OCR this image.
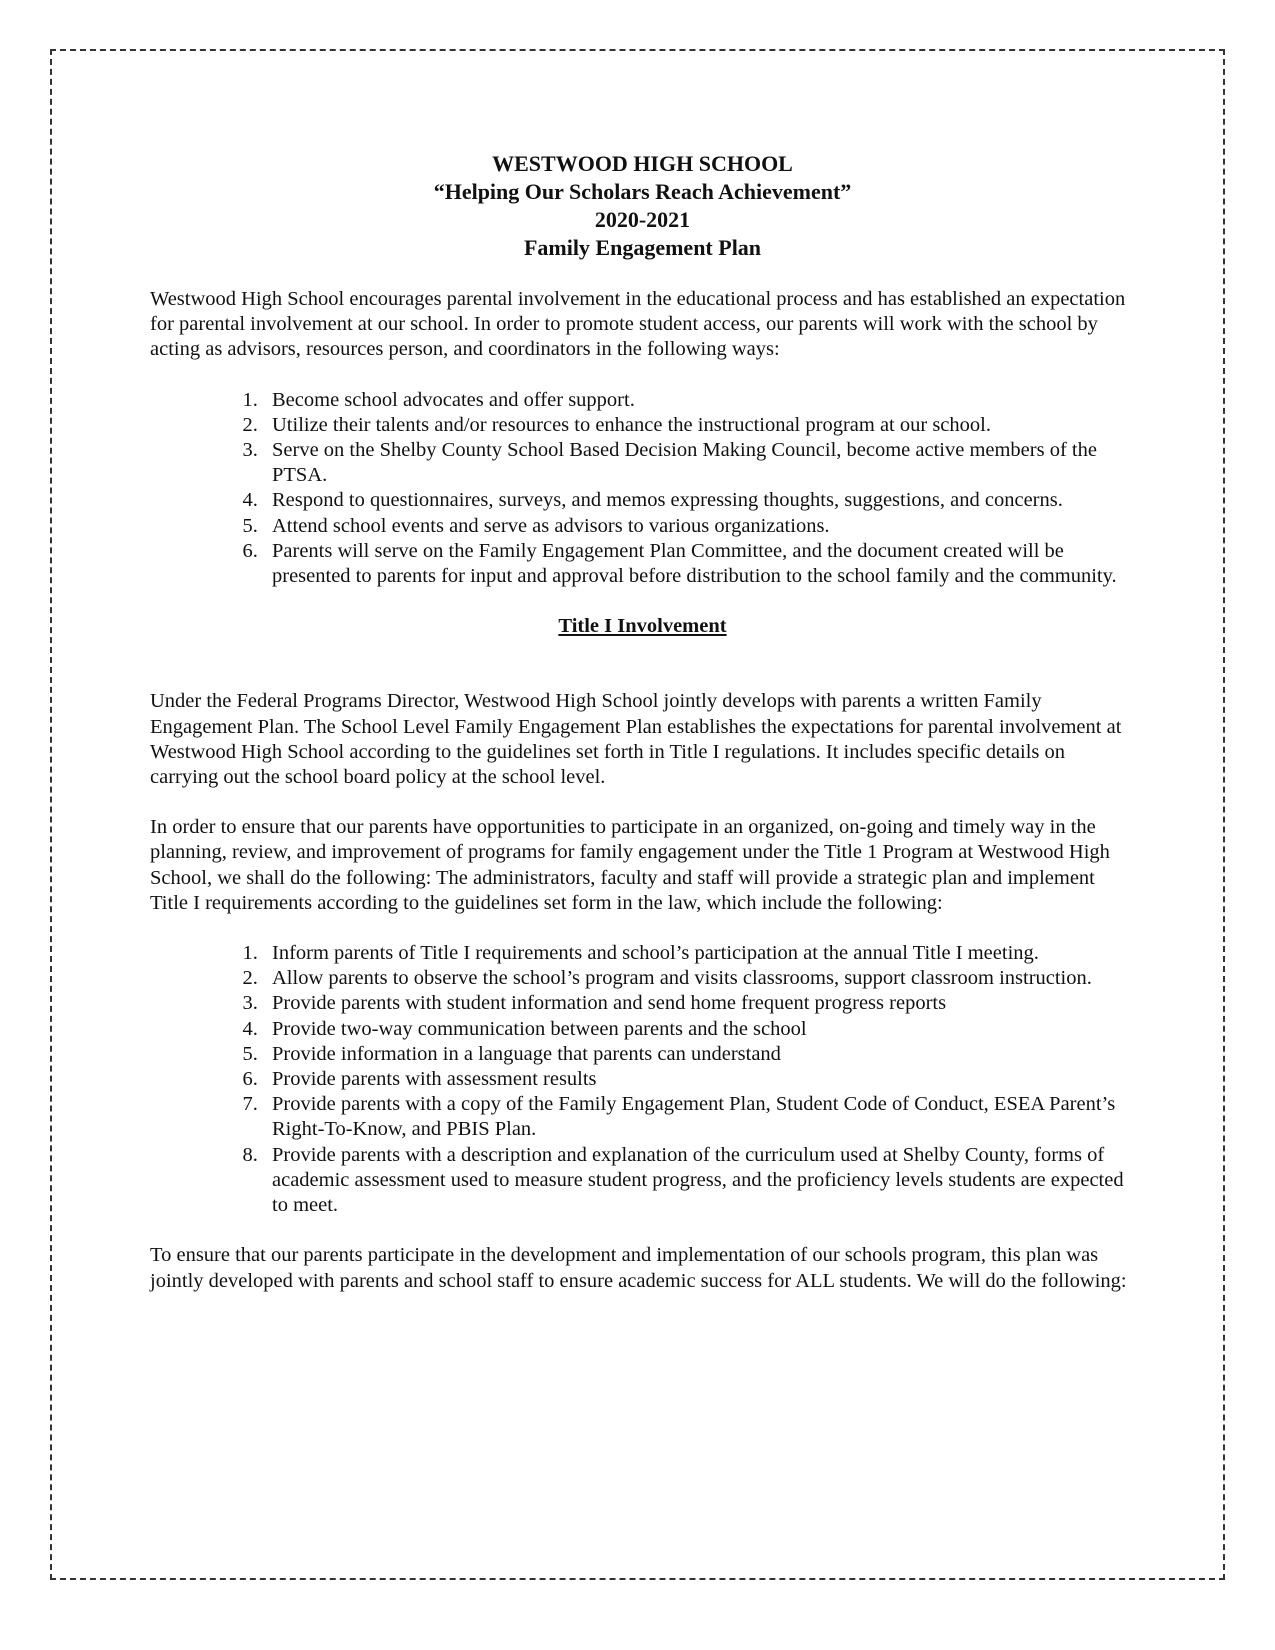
WESTWOOD HIGH SCHOOL
“Helping Our Scholars Reach Achievement”
2020-2021
Family Engagement Plan

Westwood High School encourages parental involvement in the educational process and has established an expectation for parental involvement at our school. In order to promote student access, our parents will work with the school by acting as advisors, resources person, and coordinators in the following ways:

1. Become school advocates and offer support.
2. Utilize their talents and/or resources to enhance the instructional program at our school.
3. Serve on the Shelby County School Based Decision Making Council, become active members of the PTSA.
4. Respond to questionnaires, surveys, and memos expressing thoughts, suggestions, and concerns.
5. Attend school events and serve as advisors to various organizations.
6. Parents will serve on the Family Engagement Plan Committee, and the document created will be presented to parents for input and approval before distribution to the school family and the community.
Title I Involvement

Under the Federal Programs Director, Westwood High School jointly develops with parents a written Family Engagement Plan. The School Level Family Engagement Plan establishes the expectations for parental involvement at Westwood High School according to the guidelines set forth in Title I regulations. It includes specific details on carrying out the school board policy at the school level.

In order to ensure that our parents have opportunities to participate in an organized, on-going and timely way in the planning, review, and improvement of programs for family engagement under the Title 1 Program at Westwood High School, we shall do the following: The administrators, faculty and staff will provide a strategic plan and implement Title I requirements according to the guidelines set form in the law, which include the following:

1. Inform parents of Title I requirements and school’s participation at the annual Title I meeting.
2. Allow parents to observe the school’s program and visits classrooms, support classroom instruction.
3. Provide parents with student information and send home frequent progress reports
4. Provide two-way communication between parents and the school
5. Provide information in a language that parents can understand
6. Provide parents with assessment results
7. Provide parents with a copy of the Family Engagement Plan, Student Code of Conduct, ESEA Parent’s Right-To-Know, and PBIS Plan.
8. Provide parents with a description and explanation of the curriculum used at Shelby County, forms of academic assessment used to measure student progress, and the proficiency levels students are expected to meet.

To ensure that our parents participate in the development and implementation of our schools program, this plan was jointly developed with parents and school staff to ensure academic success for ALL students. We will do the following:
